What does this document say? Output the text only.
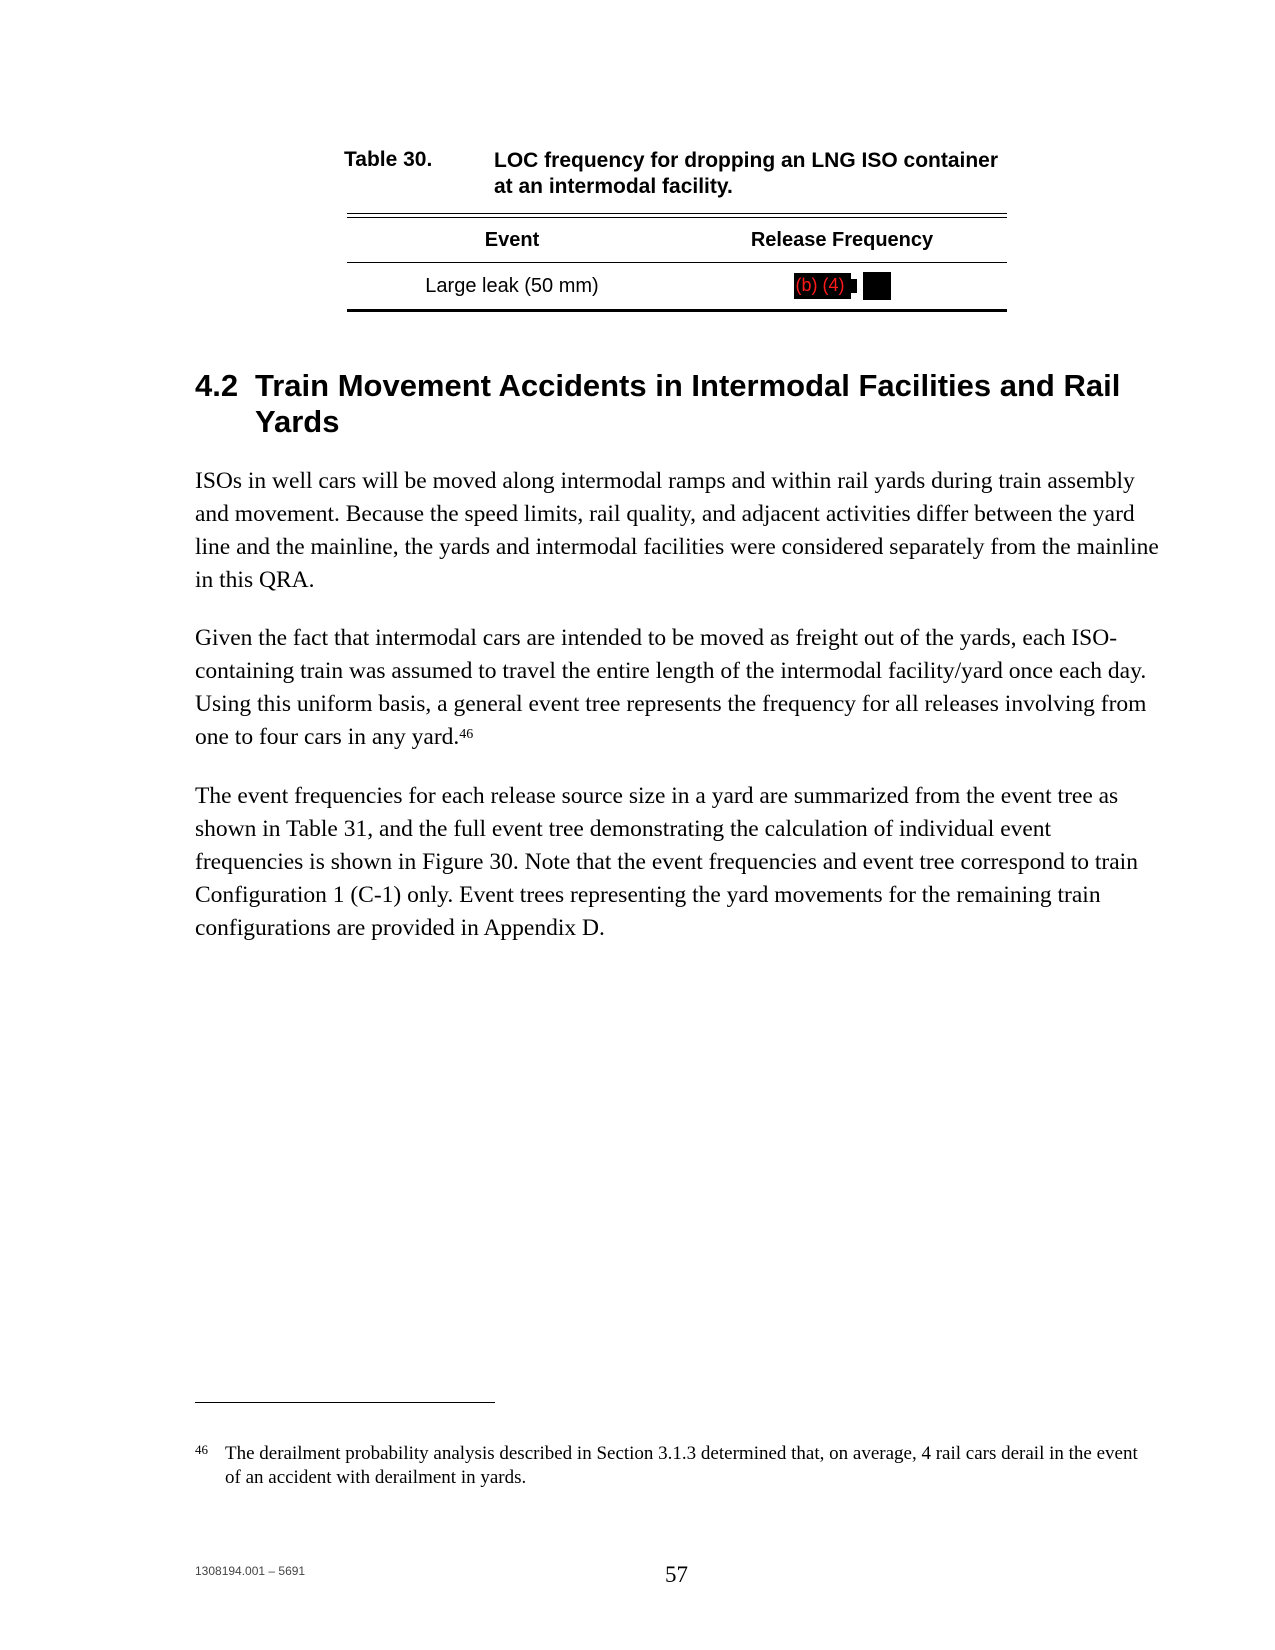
Table 30.	LOC frequency for dropping an LNG ISO container at an intermodal facility.
Event	Release Frequency
Large leak (50 mm)	(b) (4)
4.2 Train Movement Accidents in Intermodal Facilities and Rail Yards
ISOs in well cars will be moved along intermodal ramps and within rail yards during train assembly and movement. Because the speed limits, rail quality, and adjacent activities differ between the yard line and the mainline, the yards and intermodal facilities were considered separately from the mainline in this QRA.
Given the fact that intermodal cars are intended to be moved as freight out of the yards, each ISO-containing train was assumed to travel the entire length of the intermodal facility/yard once each day. Using this uniform basis, a general event tree represents the frequency for all releases involving from one to four cars in any yard.$^{46}$
The event frequencies for each release source size in a yard are summarized from the event tree as shown in Table 31, and the full event tree demonstrating the calculation of individual event frequencies is shown in Figure 30. Note that the event frequencies and event tree correspond to train Configuration 1 (C-1) only. Event trees representing the yard movements for the remaining train configurations are provided in Appendix D.
46 The derailment probability analysis described in Section 3.1.3 determined that, on average, 4 rail cars derail in the event of an accident with derailment in yards.
1308194.001 – 5691	57
